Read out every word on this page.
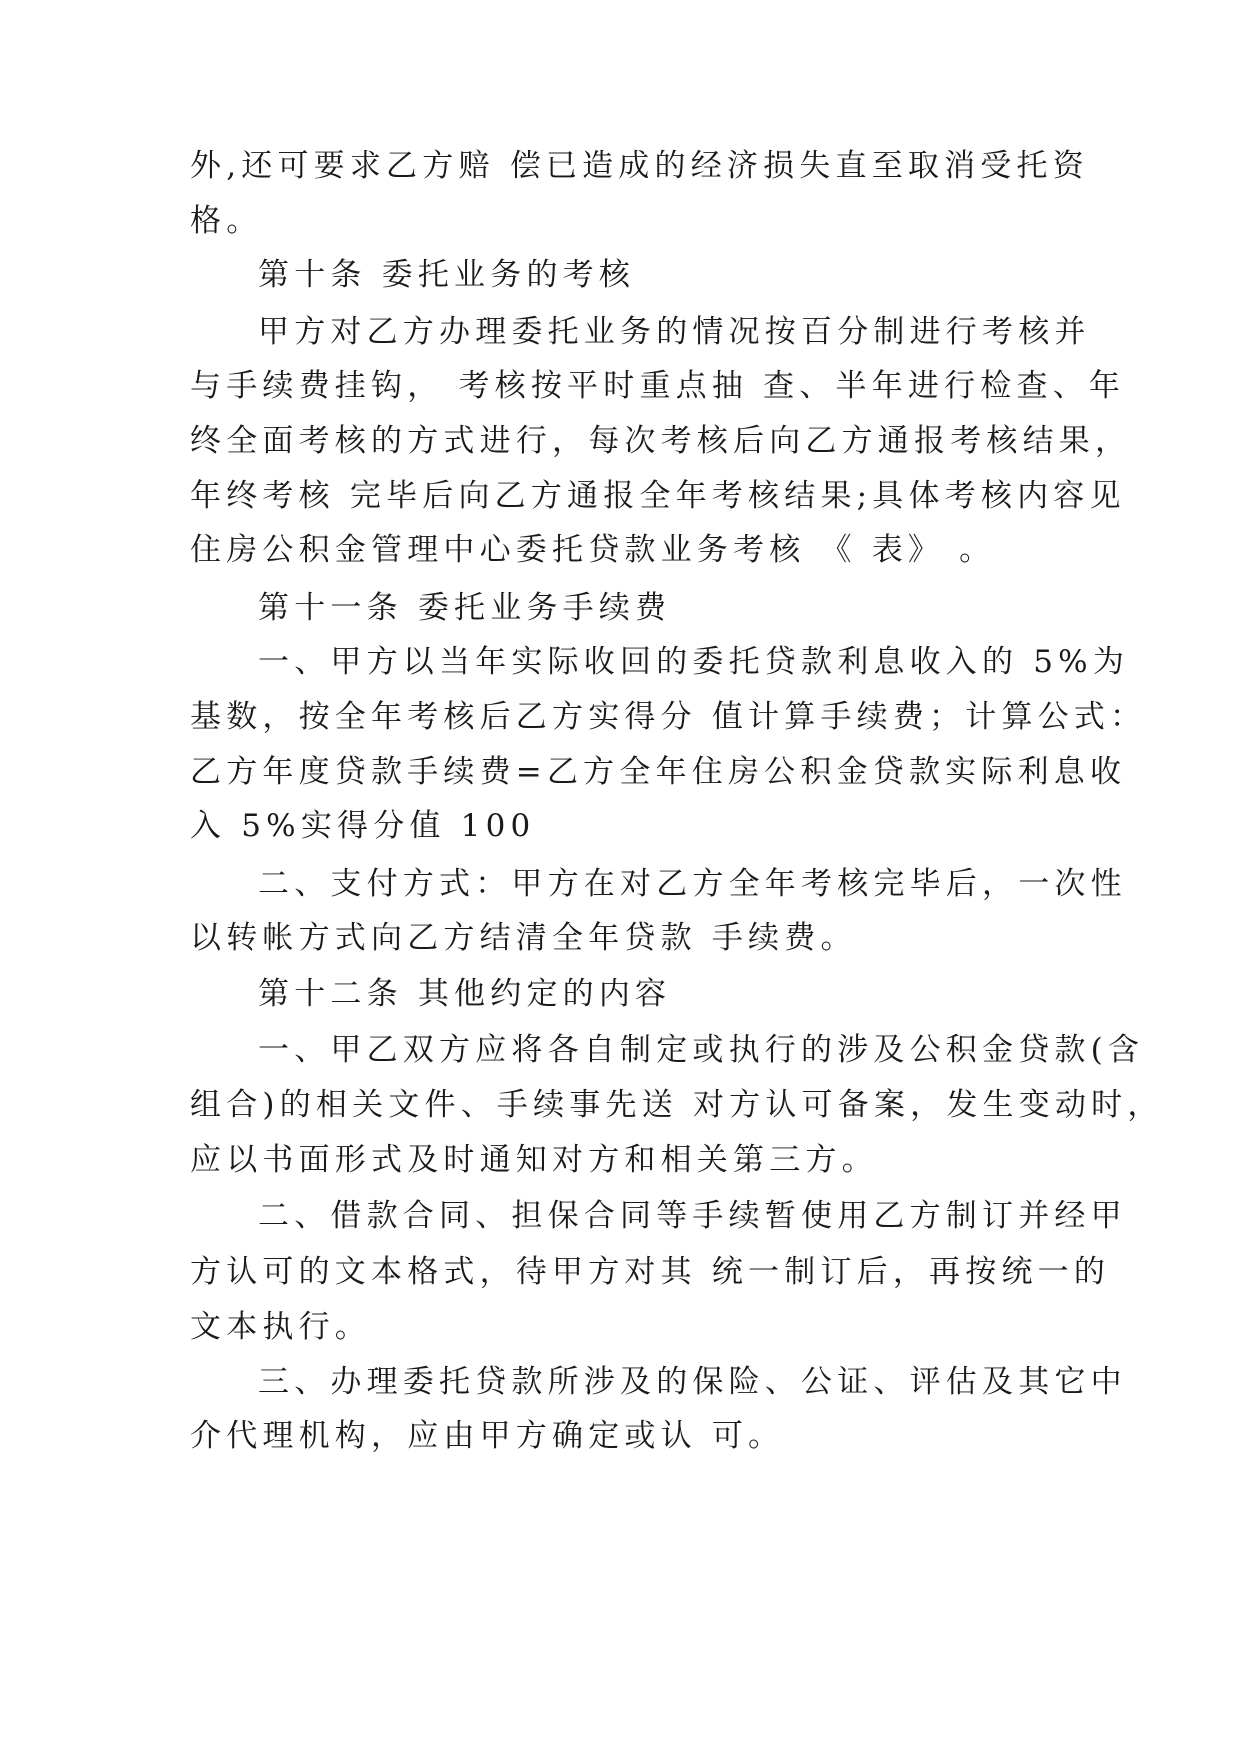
外,还可要求乙方赔 偿已造成的经济损失直至取消受托资
格。
第十条 委托业务的考核
甲方对乙方办理委托业务的情况按百分制进行考核并
与手续费挂钩， 考核按平时重点抽 查、半年进行检查、年
终全面考核的方式进行，每次考核后向乙方通报考核结果，
年终考核 完毕后向乙方通报全年考核结果;具体考核内容见
住房公积金管理中心委托贷款业务考核 《 表》 。
第十一条 委托业务手续费
一、甲方以当年实际收回的委托贷款利息收入的 5%为
基数，按全年考核后乙方实得分 值计算手续费；计算公式：
乙方年度贷款手续费=乙方全年住房公积金贷款实际利息收
入 5%实得分值 100
二、支付方式：甲方在对乙方全年考核完毕后，一次性
以转帐方式向乙方结清全年贷款 手续费。
第十二条 其他约定的内容
一、甲乙双方应将各自制定或执行的涉及公积金贷款(含
组合)的相关文件、手续事先送 对方认可备案，发生变动时，
应以书面形式及时通知对方和相关第三方。
二、借款合同、担保合同等手续暂使用乙方制订并经甲
方认可的文本格式，待甲方对其 统一制订后，再按统一的
文本执行。
三、办理委托贷款所涉及的保险、公证、评估及其它中
介代理机构，应由甲方确定或认 可。
